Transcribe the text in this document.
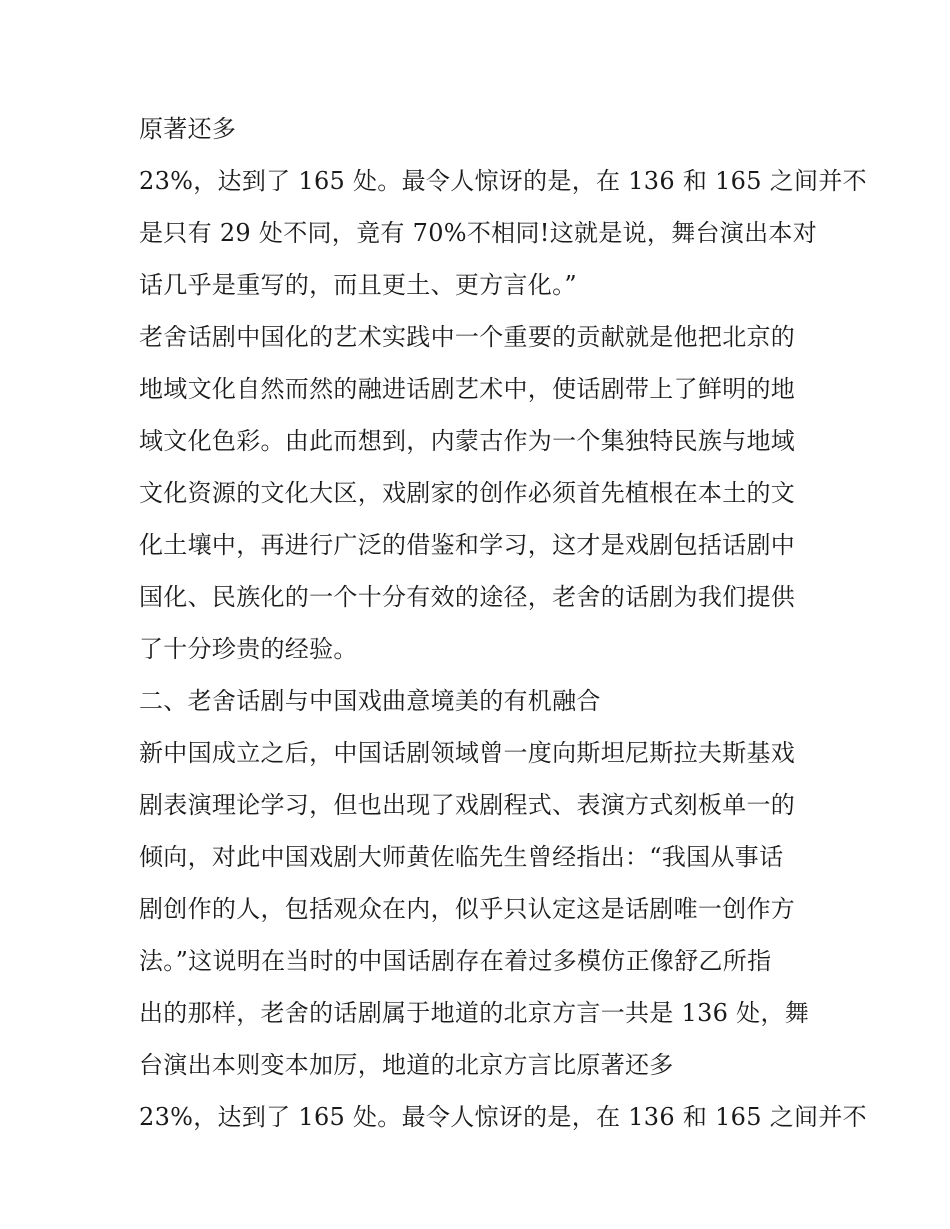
原著还多
23%，达到了 165 处。最令人惊讶的是，在 136 和 165 之间并不
是只有 29 处不同，竟有 70%不相同!这就是说，舞台演出本对
话几乎是重写的，而且更土、更方言化。”
老舍话剧中国化的艺术实践中一个重要的贡献就是他把北京的
地域文化自然而然的融进话剧艺术中，使话剧带上了鲜明的地
域文化色彩。由此而想到，内蒙古作为一个集独特民族与地域
文化资源的文化大区，戏剧家的创作必须首先植根在本土的文
化土壤中，再进行广泛的借鉴和学习，这才是戏剧包括话剧中
国化、民族化的一个十分有效的途径，老舍的话剧为我们提供
了十分珍贵的经验。
二、老舍话剧与中国戏曲意境美的有机融合
新中国成立之后，中国话剧领域曾一度向斯坦尼斯拉夫斯基戏
剧表演理论学习，但也出现了戏剧程式、表演方式刻板单一的
倾向，对此中国戏剧大师黄佐临先生曾经指出：“我国从事话
剧创作的人，包括观众在内，似乎只认定这是话剧唯一创作方
法。”这说明在当时的中国话剧存在着过多模仿正像舒乙所指
出的那样，老舍的话剧属于地道的北京方言一共是 136 处，舞
台演出本则变本加厉，地道的北京方言比原著还多
23%，达到了 165 处。最令人惊讶的是，在 136 和 165 之间并不
